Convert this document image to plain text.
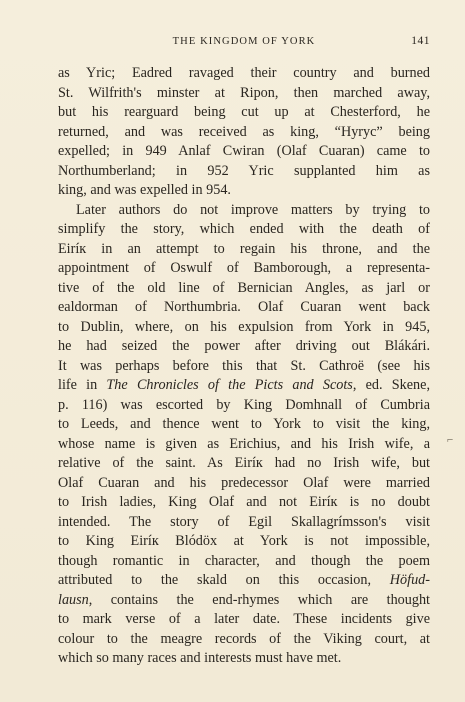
THE KINGDOM OF YORK	141

as Yric; Eadred ravaged their country and burned
St. Wilfrith's minster at Ripon, then marched away,
but his rearguard being cut up at Chesterford, he
returned, and was received as king, “Hyryc” being
expelled; in 949 Anlaf Cwiran (Olaf Cuaran) came to
Northumberland; in 952 Yric supplanted him as
king, and was expelled in 954.

Later authors do not improve matters by trying to
simplify the story, which ended with the death of
Eiríк in an attempt to regain his throne, and the
appointment of Oswulf of Bamborough, a representa-
tive of the old line of Bernician Angles, as jarl or
ealdorman of Northumbria. Olaf Cuaran went back
to Dublin, where, on his expulsion from York in 945,
he had seized the power after driving out Blákári.
It was perhaps before this that St. Cathroë (see his
life in The Chronicles of the Picts and Scots, ed. Skene,
p. 116) was escorted by King Domhnall of Cumbria
to Leeds, and thence went to York to visit the king,
whose name is given as Erichius, and his Irish wife, a
relative of the saint. As Eiríк had no Irish wife, but
Olaf Cuaran and his predecessor Olaf were married
to Irish ladies, King Olaf and not Eiríк is no doubt
intended. The story of Egil Skallagrímsson's visit
to King Eiríк Blódöx at York is not impossible,
though romantic in character, and though the poem
attributed to the skald on this occasion, Höfud-
lausn, contains the end-rhymes which are thought
to mark verse of a later date. These incidents give
colour to the meagre records of the Viking court, at
which so many races and interests must have met.

⌐
